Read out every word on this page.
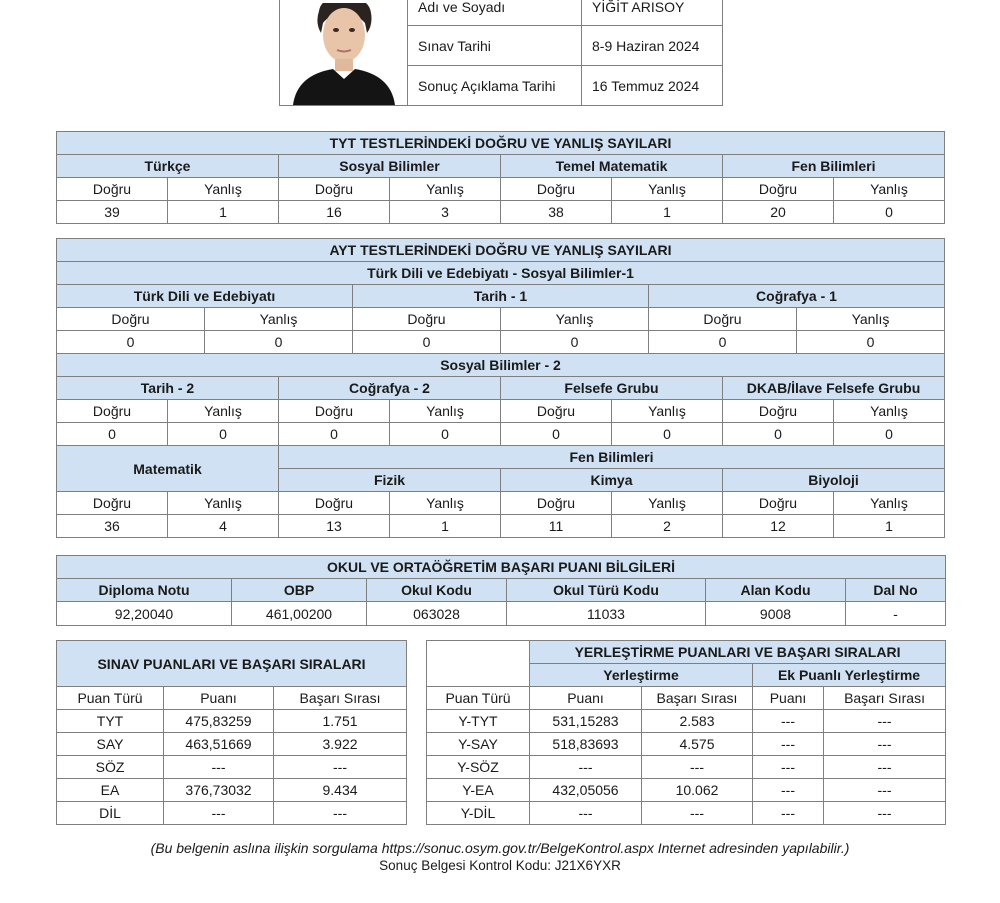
	Adı ve Soyadı	YİĞİT ARISOY
	Sınav Tarihi	8-9 Haziran 2024
	Sonuç Açıklama Tarihi	16 Temmuz 2024
TYT TESTLERİNDEKİ DOĞRU VE YANLIŞ SAYILARI							
Türkçe		Sosyal Bilimler		Temel Matematik		Fen Bilimleri	
Doğru	Yanlış	Doğru	Yanlış	Doğru	Yanlış	Doğru	Yanlış
39	1	16	3	38	1	20	0
AYT TESTLERİNDEKİ DOĞRU VE YANLIŞ SAYILARI											
Türk Dili ve Edebiyatı - Sosyal Bilimler-1											
Türk Dili ve Edebiyatı				Tarih - 1				Coğrafya - 1			
Doğru		Yanlış		Doğru		Yanlış		Doğru		Yanlış	
0		0		0		0		0		0	
Sosyal Bilimler - 2											
Tarih - 2			Coğrafya - 2			Felsefe Grubu			DKAB/İlave Felsefe Grubu		
Doğru	Yanlış		Doğru		Yanlış	Doğru	Yanlış		Doğru		Yanlış
0	0		0		0	0	0		0		0
Matematik			Fen Bilimleri								
			Fizik			Kimya			Biyoloji		
Doğru	Yanlış		Doğru		Yanlış	Doğru	Yanlış		Doğru		Yanlış
36	4		13		1	11	2		12		1
OKUL VE ORTAÖĞRETİM BAŞARI PUANI BİLGİLERİ					
Diploma Notu	OBP	Okul Kodu	Okul Türü Kodu	Alan Kodu	Dal No
92,20040	461,00200	063028	11033	9008	-
SINAV PUANLARI VE BAŞARI SIRALARI		
Puan Türü	Puanı	Başarı Sırası
TYT	475,83259	1.751
SAY	463,51669	3.922
SÖZ	---	---
EA	376,73032	9.434
DİL	---	---
	YERLEŞTİRME PUANLARI VE BAŞARI SIRALARI			
	Yerleştirme		Ek Puanlı Yerleştirme	
Puan Türü	Puanı	Başarı Sırası	Puanı	Başarı Sırası
Y-TYT	531,15283	2.583	---	---
Y-SAY	518,83693	4.575	---	---
Y-SÖZ	---	---	---	---
Y-EA	432,05056	10.062	---	---
Y-DİL	---	---	---	---
(Bu belgenin aslına ilişkin sorgulama https://sonuc.osym.gov.tr/BelgeKontrol.aspx Internet adresinden yapılabilir.)
Sonuç Belgesi Kontrol Kodu: J21X6YXR
